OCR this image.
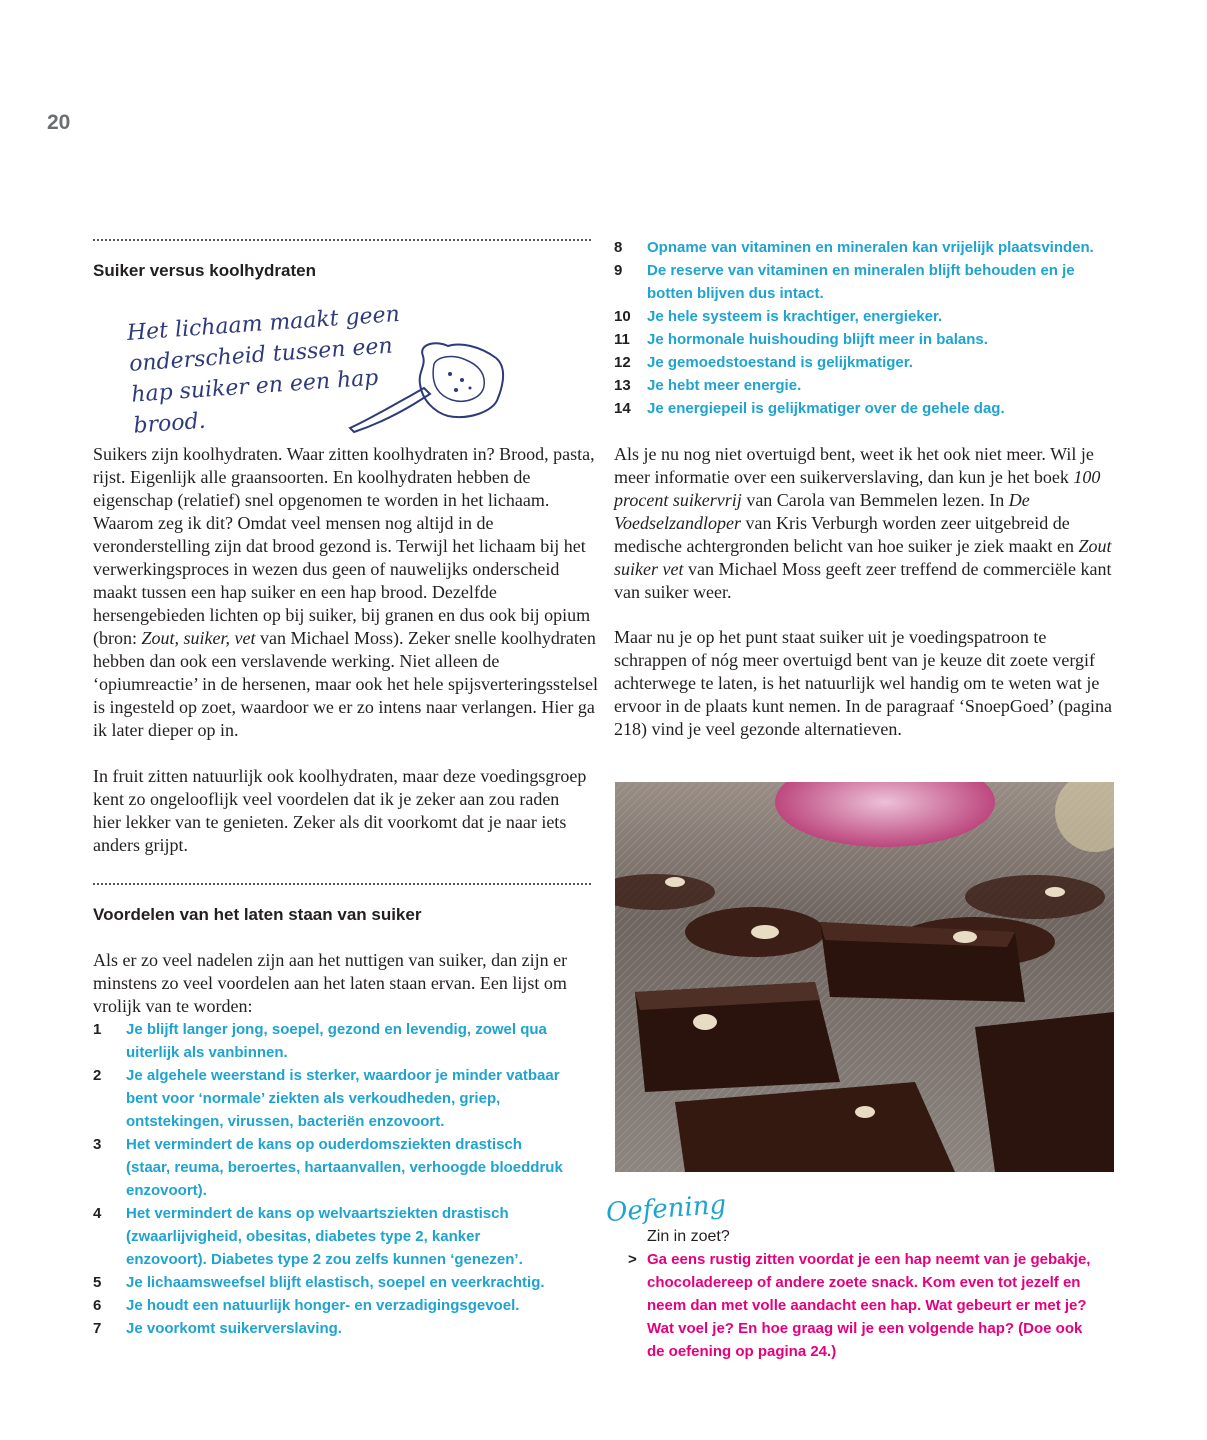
20
Suiker versus koolhydraten
Het lichaam maakt geen onderscheid tussen een hap suiker en een hap brood.

Suikers zijn koolhydraten. Waar zitten koolhydraten in? Brood, pasta, rijst. Eigenlijk alle graansoorten. En koolhydraten hebben de eigenschap (relatief) snel opgenomen te worden in het lichaam. Waarom zeg ik dit? Omdat veel mensen nog altijd in de veronderstelling zijn dat brood gezond is. Terwijl het lichaam bij het verwerkingsproces in wezen dus geen of nauwelijks onderscheid maakt tussen een hap suiker en een hap brood. Dezelfde hersengebieden lichten op bij suiker, bij granen en dus ook bij opium (bron: Zout, suiker, vet van Michael Moss). Zeker snelle koolhydraten hebben dan ook een verslavende werking. Niet alleen de ‘opiumreactie’ in de hersenen, maar ook het hele spijsverteringsstelsel is ingesteld op zoet, waardoor we er zo intens naar verlangen. Hier ga ik later dieper op in.

In fruit zitten natuurlijk ook koolhydraten, maar deze voedingsgroep kent zo ongelooflijk veel voordelen dat ik je zeker aan zou raden hier lekker van te genieten. Zeker als dit voorkomt dat je naar iets anders grijpt.

Voordelen van het laten staan van suiker

Als er zo veel nadelen zijn aan het nuttigen van suiker, dan zijn er minstens zo veel voordelen aan het laten staan ervan. Een lijst om vrolijk van te worden:

1	Je blijft langer jong, soepel, gezond en levendig, zowel qua uiterlijk als vanbinnen.
2	Je algehele weerstand is sterker, waardoor je minder vatbaar bent voor ‘normale’ ziekten als verkoudheden, griep, ontstekingen, virussen, bacteriën enzovoort.
3	Het vermindert de kans op ouderdomsziekten drastisch (staar, reuma, beroertes, hartaanvallen, verhoogde bloeddruk enzovoort).
4	Het vermindert de kans op welvaartsziekten drastisch (zwaarlijvigheid, obesitas, diabetes type 2, kanker enzovoort). Diabetes type 2 zou zelfs kunnen ‘genezen’.
5	Je lichaamsweefsel blijft elastisch, soepel en veerkrachtig.
6	Je houdt een natuurlijk honger- en verzadigingsgevoel.
7	Je voorkomt suikerverslaving.
8	Opname van vitaminen en mineralen kan vrijelijk plaatsvinden.
9	De reserve van vitaminen en mineralen blijft behouden en je botten blijven dus intact.
10	Je hele systeem is krachtiger, energieker.
11	Je hormonale huishouding blijft meer in balans.
12	Je gemoedstoestand is gelijkmatiger.
13	Je hebt meer energie.
14	Je energiepeil is gelijkmatiger over de gehele dag.

Als je nu nog niet overtuigd bent, weet ik het ook niet meer. Wil je meer informatie over een suikerverslaving, dan kun je het boek 100 procent suikervrij van Carola van Bemmelen lezen. In De Voedselzandloper van Kris Verburgh worden zeer uitgebreid de medische achtergronden belicht van hoe suiker je ziek maakt en Zout suiker vet van Michael Moss geeft zeer treffend de commerciële kant van suiker weer.

Maar nu je op het punt staat suiker uit je voedingspatroon te schrappen of nóg meer overtuigd bent van je keuze dit zoete vergif achterwege te laten, is het natuurlijk wel handig om te weten wat je ervoor in de plaats kunt nemen. In de paragraaf ‘SnoepGoed’ (pagina 218) vind je veel gezonde alternatieven.

Oefening
Zin in zoet?
> Ga eens rustig zitten voordat je een hap neemt van je gebakje, chocoladereep of andere zoete snack. Kom even tot jezelf en neem dan met volle aandacht een hap. Wat gebeurt er met je? Wat voel je? En hoe graag wil je een volgende hap? (Doe ook de oefening op pagina 24.)
